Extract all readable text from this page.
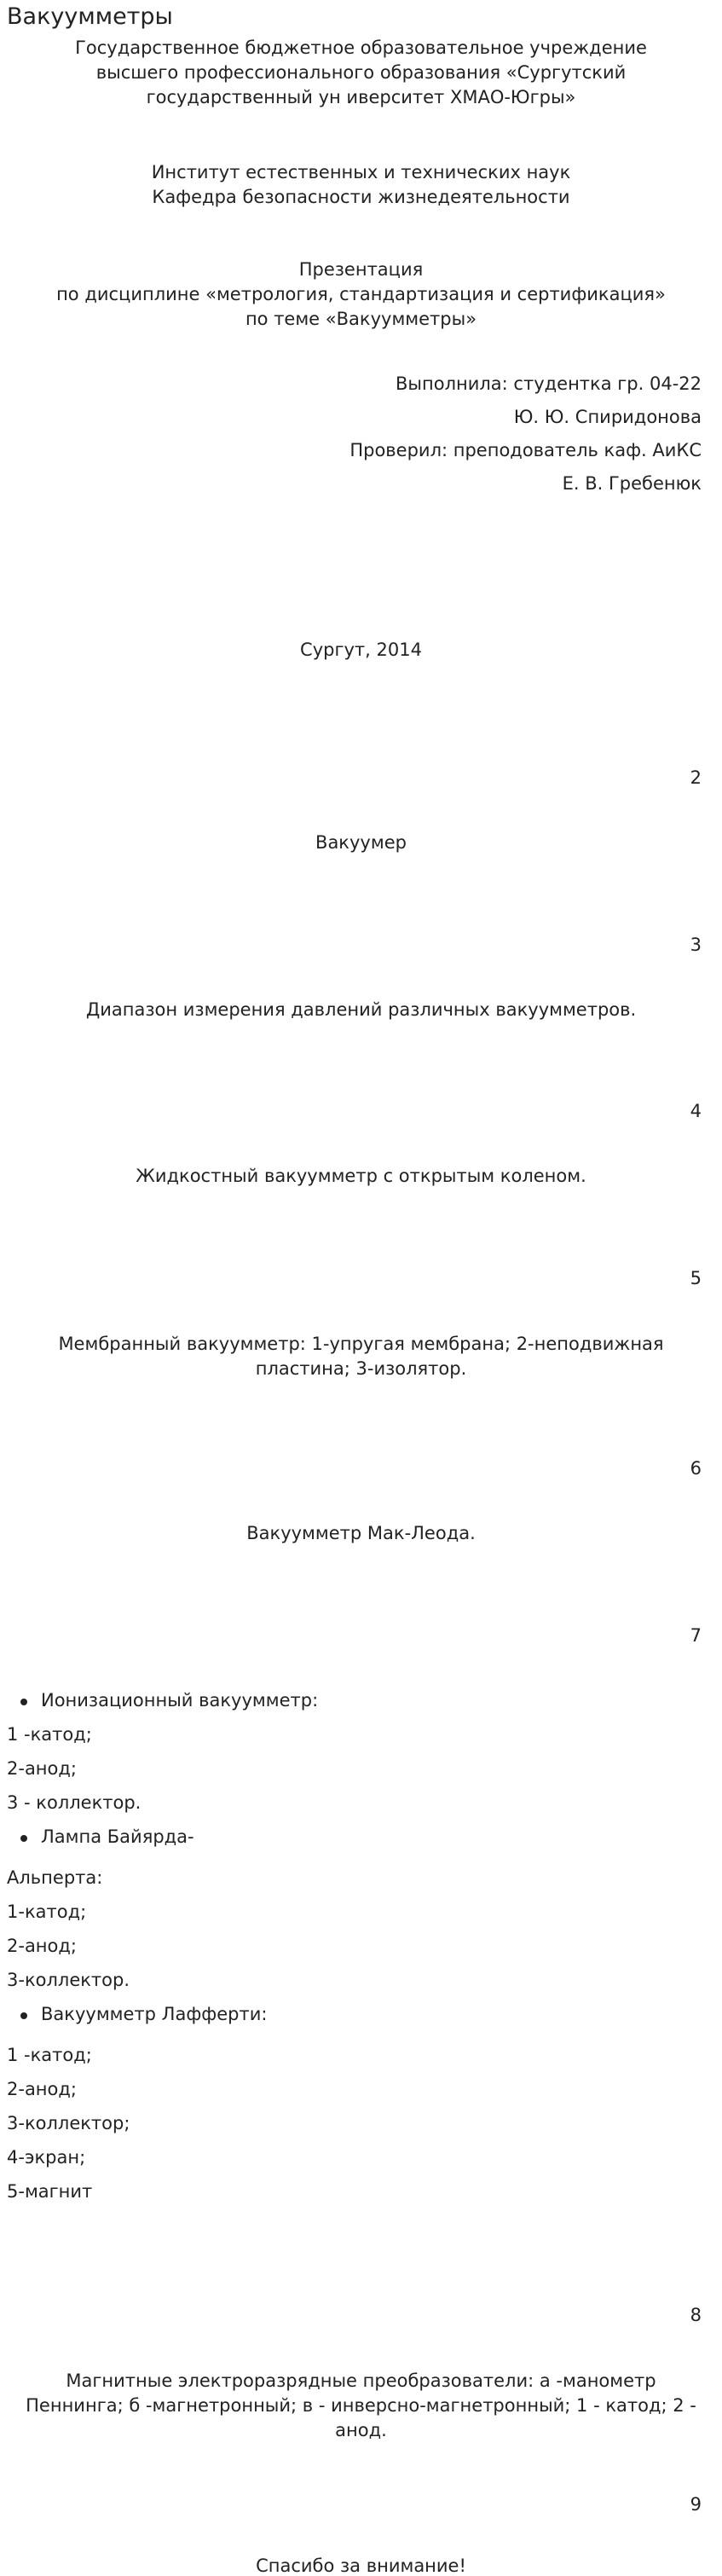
Вакуумметры
Государственное бюджетное образовательное учреждение высшего профессионального образования «Сургутский государственный ун иверситет ХМАО-Югры»
Институт естественных и технических наук
Кафедра безопасности жизнедеятельности
Презентация
по дисциплине «метрология, стандартизация и сертификация»
по теме «Вакуумметры»
Выполнила: студентка гр. 04-22
Ю. Ю. Спиридонова
Проверил: преподователь каф. АиКС
Е. В. Гребенюк
Сургут, 2014
2
Вакуумер
3
Диапазон измерения давлений различных вакуумметров.
4
Жидкостный вакуумметр с открытым коленом.
5
Мембранный вакуумметр: 1-упругая мембрана; 2-неподвижная пластина; 3-изолятор.
6
Вакуумметр Мак-Леода.
7
Ионизационный вакуумметр:
1 -катод;
2-анод;
3 - коллектор.
Лампа Байярда-
Альперта:
1-катод;
2-анод;
3-коллектор.
Вакуумметр Лафферти:
1 -катод;
2-анод;
3-коллектор;
4-экран;
5-магнит
8
Магнитные электроразрядные преобразователи: а -манометр Пеннинга; б -магнетронный; в - инверсно-магнетронный; 1 - катод; 2 - анод.
9
Спасибо за внимание!
